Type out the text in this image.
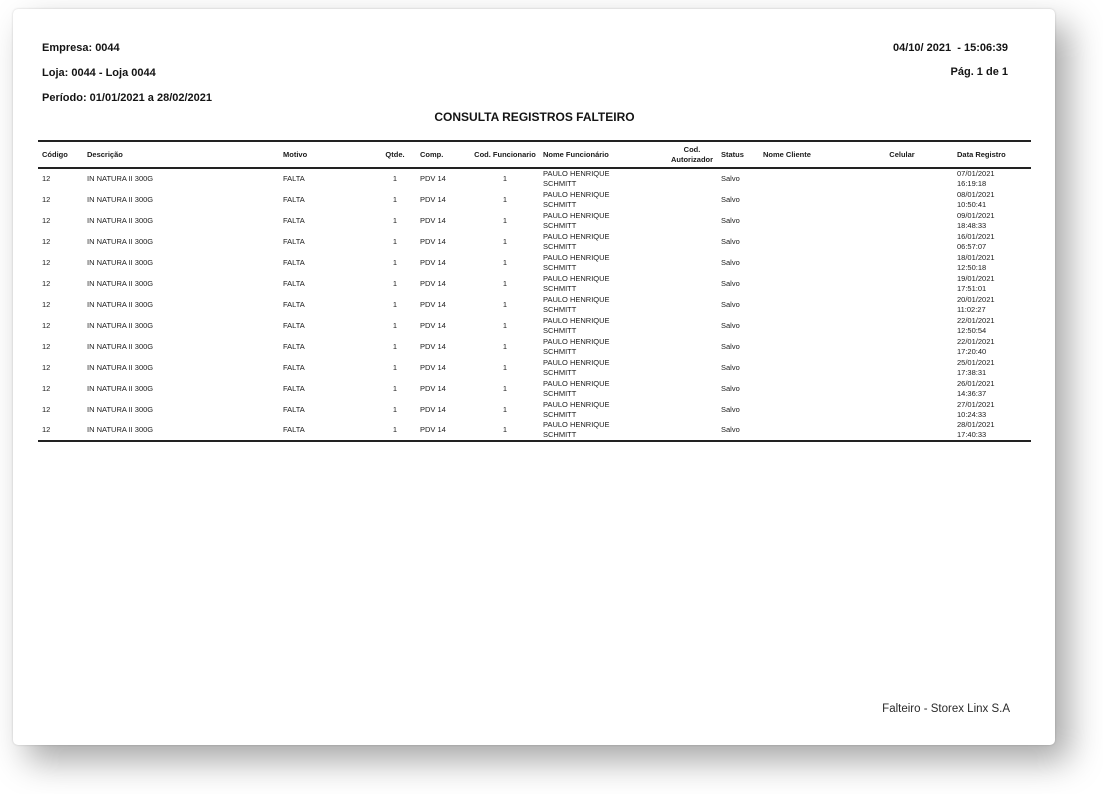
Empresa: 0044
Loja: 0044 - Loja 0044
Período: 01/01/2021 a 28/02/2021
04/10/ 2021  - 15:06:39
Pág. 1 de 1
CONSULTA REGISTROS FALTEIRO
Código	Descrição	Motivo	Qtde.	Comp.	Cod. Funcionario	Nome Funcionário	Cod. Autorizador	Status	Nome Cliente	Celular	Data Registro
12	IN NATURA II 300G	FALTA	1	PDV 14	1	PAULO HENRIQUE SCHMITT		Salvo			07/01/2021
16:19:18

12	IN NATURA II 300G	FALTA	1	PDV 14	1	PAULO HENRIQUE SCHMITT		Salvo			08/01/2021
10:50:41

12	IN NATURA II 300G	FALTA	1	PDV 14	1	PAULO HENRIQUE SCHMITT		Salvo			09/01/2021
18:48:33

12	IN NATURA II 300G	FALTA	1	PDV 14	1	PAULO HENRIQUE SCHMITT		Salvo			16/01/2021
06:57:07

12	IN NATURA II 300G	FALTA	1	PDV 14	1	PAULO HENRIQUE SCHMITT		Salvo			18/01/2021
12:50:18

12	IN NATURA II 300G	FALTA	1	PDV 14	1	PAULO HENRIQUE SCHMITT		Salvo			19/01/2021
17:51:01

12	IN NATURA II 300G	FALTA	1	PDV 14	1	PAULO HENRIQUE SCHMITT		Salvo			20/01/2021
11:02:27

12	IN NATURA II 300G	FALTA	1	PDV 14	1	PAULO HENRIQUE SCHMITT		Salvo			22/01/2021
12:50:54

12	IN NATURA II 300G	FALTA	1	PDV 14	1	PAULO HENRIQUE SCHMITT		Salvo			22/01/2021
17:20:40

12	IN NATURA II 300G	FALTA	1	PDV 14	1	PAULO HENRIQUE SCHMITT		Salvo			25/01/2021
17:38:31

12	IN NATURA II 300G	FALTA	1	PDV 14	1	PAULO HENRIQUE SCHMITT		Salvo			26/01/2021
14:36:37

12	IN NATURA II 300G	FALTA	1	PDV 14	1	PAULO HENRIQUE SCHMITT		Salvo			27/01/2021
10:24:33

12	IN NATURA II 300G	FALTA	1	PDV 14	1	PAULO HENRIQUE SCHMITT		Salvo			28/01/2021
17:40:33
Falteiro - Storex Linx S.A
